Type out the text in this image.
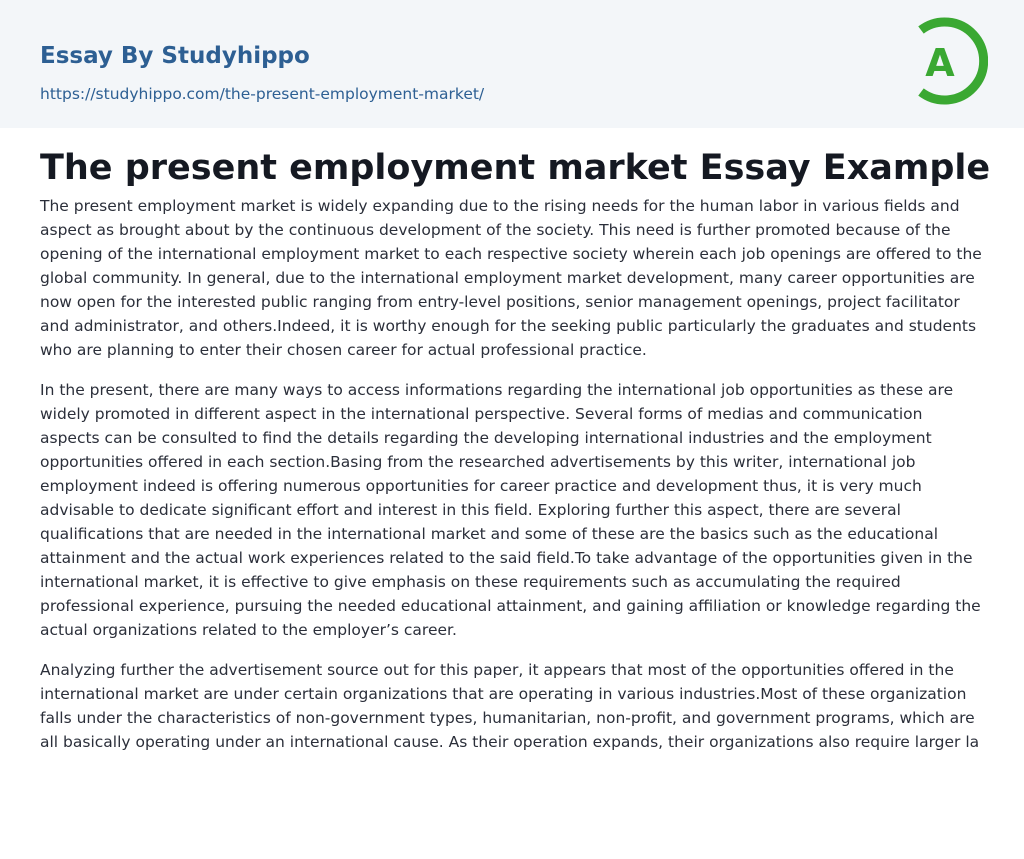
Essay By Studyhippo
https://studyhippo.com/the-present-employment-market/
A
The present employment market Essay Example

The present employment market is widely expanding due to the rising needs for the human labor in various fields and aspect as brought about by the continuous development of the society. This need is further promoted because of the opening of the international employment market to each respective society wherein each job openings are offered to the global community. In general, due to the international employment market development, many career opportunities are now open for the interested public ranging from entry-level positions, senior management openings, project facilitator and administrator, and others.Indeed, it is worthy enough for the seeking public particularly the graduates and students who are planning to enter their chosen career for actual professional practice.

In the present, there are many ways to access informations regarding the international job opportunities as these are widely promoted in different aspect in the international perspective. Several forms of medias and communication aspects can be consulted to find the details regarding the developing international industries and the employment opportunities offered in each section.Basing from the researched advertisements by this writer, international job employment indeed is offering numerous opportunities for career practice and development thus, it is very much advisable to dedicate significant effort and interest in this field. Exploring further this aspect, there are several qualifications that are needed in the international market and some of these are the basics such as the educational attainment and the actual work experiences related to the said field.To take advantage of the opportunities given in the international market, it is effective to give emphasis on these requirements such as accumulating the required professional experience, pursuing the needed educational attainment, and gaining affiliation or knowledge regarding the actual organizations related to the employer’s career.

Analyzing further the advertisement source out for this paper, it appears that most of the opportunities offered in the international market are under certain organizations that are operating in various industries.Most of these organization falls under the characteristics of non-government types, humanitarian, non-profit, and government programs, which are all basically operating under an international cause. As their operation expands, their organizations also require larger la
